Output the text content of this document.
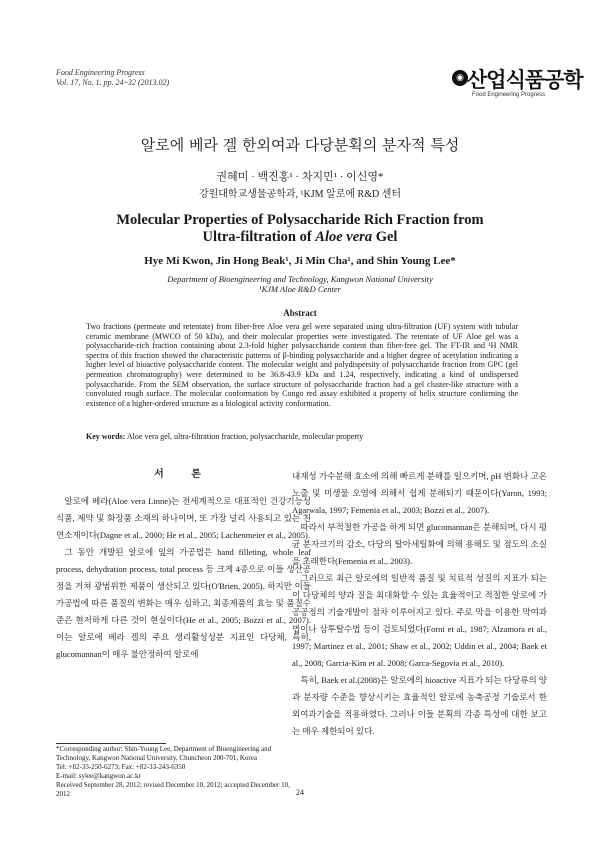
Food Engineering Progress
Vol. 17, No. 1. pp. 24~32 (2013.02)	◉ 산업식품공학
Food Engineering Progress
알로에 베라 겔 한외여과 다당분획의 분자적 특성
권혜미 · 백진홍¹ · 차지민¹ · 이신영*
강원대학교생물공학과, ¹KJM 알로에 R&D 센터
Molecular Properties of Polysaccharide Rich Fraction from
Ultra-filtration of Aloe vera Gel
Hye Mi Kwon, Jin Hong Beak¹, Ji Min Cha¹, and Shin Young Lee*
Department of Bioengineering and Technology, Kangwon National University
¹KJM Aloe R&D Center
Abstract
Two fractions (permeate and retentate) from fiber-free Aloe vera gel were separated using ultra-filtration (UF) system with tubular ceramic membrane (MWCO of 50 kDa), and their molecular properties were investigated. The retentate of UF Aloe gel was a polysaccharide-rich fraction containing about 2.3-fold higher polysaccharide content than fiber-free gel. The FT-IR and ¹H NMR spectra of this fraction showed the characteristic patterns of β-binding polysaccharide and a higher degree of acetylation indicating a higher level of bioactive polysaccharide content. The molecular weight and polydispersity of polysaccharide fraction from GPC (gel permeation chromatography) were determined to be 36.8-43.9 kDa and 1.24, respectively, indicating a kind of undispersed polysaccharide. From the SEM observation, the surface structure of polysaccharide fraction had a gel cluster-like structure with a convoluted rough surface. The molecular conformation by Congo red assay exhibited a property of helix structure confirming the existence of a higher-ordered structure as a biological activity conformation.
Key words: Aloe vera gel, ultra-filtration fraction, polysaccharide, molecular property
서 론

알로에 베라(Aloe vera Linne)는 전세계적으로 대표적인 건강기능성 식품, 제약 및 화장품 소재의 하나이며, 또 가장 널리 사용되고 있는 천연소재이다(Dagne et al., 2000; He et al., 2005; Lachenmeier et al., 2005).

그 동안 개발된 알로에 잎의 가공법은 hand filleting, whole leaf process, dehydration process, total process 등 크게 4종으로 이들 생산공정을 거쳐 광범위한 제품이 생산되고 있다(O'Brien, 2005). 하지만 이들 가공법에 따른 품질의 변화는 매우 심하고, 최종제품의 효능 및 품질수준은 현저하게 다른 것이 현실이다(He et al., 2005; Bozzi et al., 2007). 이는 알로에 베라 겔의 주요 생리활성성분 지표인 다당체, 특히, glucomannan이 매우 불안정하여 알로에

내재성 가수분해 효소에 의해 빠르게 분해를 일으키며, pH 변화나 고온노출 및 미생물 오염에 의해서 쉽게 분해되기 때문이다(Yaron, 1993; Agarwala, 1997; Femenia et al., 2003; Bozzi et al., 2007).

따라서 부적절한 가공을 하게 되면 glucomannan은 분해되며, 다시 평균 분자크기의 감소, 다당의 탈아세틸화에 의해 용해도 및 점도의 소실을 초래한다(Femenia et al., 2003).

그러므로 최근 알로에의 일반적 품질 및 치료적 성질의 지표가 되는 이 다당체의 양과 질을 최대화할 수 있는 효율적이고 적절한 알로에 가공공정의 기술개발이 점차 이루어지고 있다. 주로 막을 이용한 막여과법이나 삼투탈수법 등이 검토되었다(Forni et al., 1987; Alzamora et al., 1997; Martinez et al., 2001; Shaw et al., 2002; Uddin et al., 2004; Baek et al., 2008; Garcia-Kim et al. 2008; Garca-Segovia et al., 2010).

특히, Baek et al.(2008)은 알로에의 bioactive 지표가 되는 다당류의 양과 분자량 수준을 향상시키는 효율적인 알로에 농축공정 기술로서 한외여과기술을 적용하였다. 그러나 이들 분획의 각종 특성에 대한 보고는 매우 제한되어 있다.

*Corresponding author: Shin-Young Lee, Department of Bioengineering and Technology, Kangwon National University, Chuncheon 200-701, Korea
Tel: +82-33-250-6273; Fax: +82-33-243-6350
E-mail: sylee@kangwon.ac.kr
Received September 28, 2012; revised December 10, 2012; accepted December 10, 2012	24
